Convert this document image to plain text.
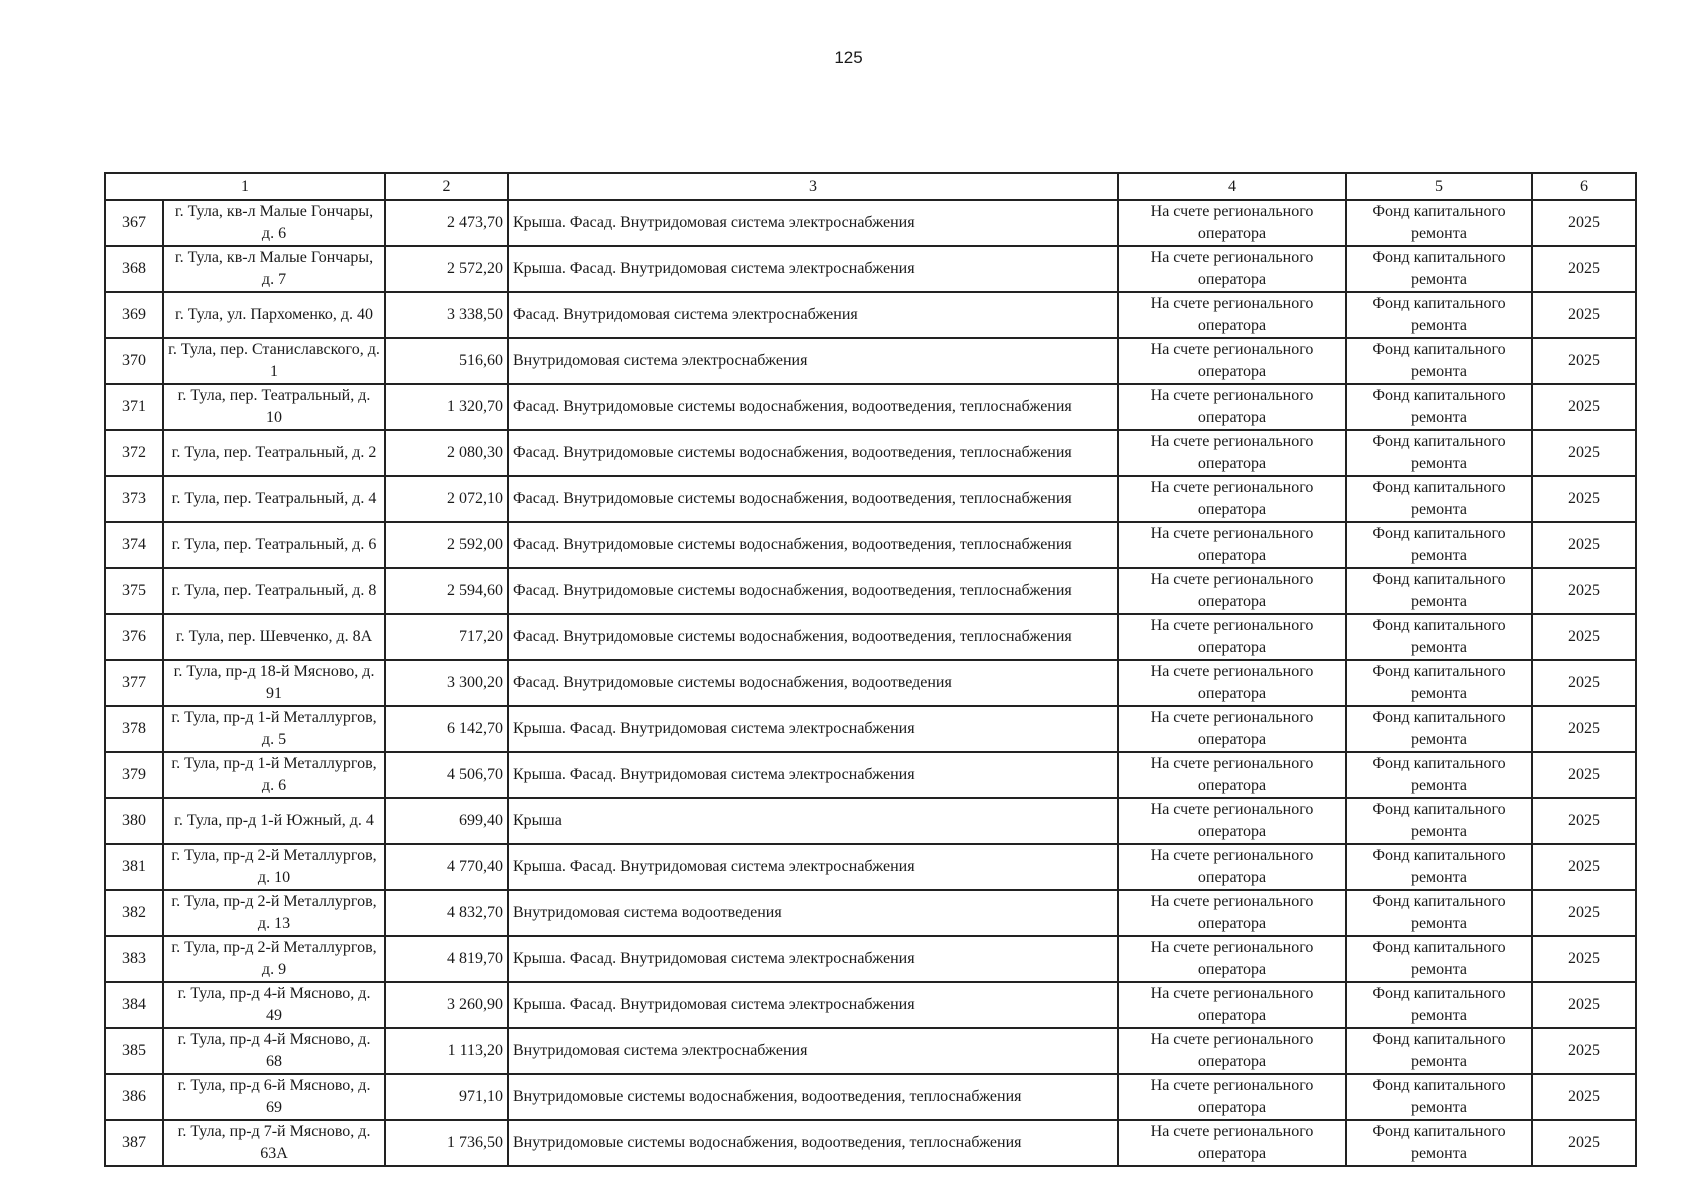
125
1		2	3	4	5	6
367	г. Тула, кв-л Малые Гончары, д. 6	2 473,70	Крыша. Фасад. Внутридомовая система электроснабжения	На счете регионального оператора	Фонд капитального ремонта	2025
368	г. Тула, кв-л Малые Гончары, д. 7	2 572,20	Крыша. Фасад. Внутридомовая система электроснабжения	На счете регионального оператора	Фонд капитального ремонта	2025
369	г. Тула, ул. Пархоменко, д. 40	3 338,50	Фасад. Внутридомовая система электроснабжения	На счете регионального оператора	Фонд капитального ремонта	2025
370	г. Тула, пер. Станиславского, д. 1	516,60	Внутридомовая система электроснабжения	На счете регионального оператора	Фонд капитального ремонта	2025
371	г. Тула, пер. Театральный, д. 10	1 320,70	Фасад. Внутридомовые системы водоснабжения, водоотведения, теплоснабжения	На счете регионального оператора	Фонд капитального ремонта	2025
372	г. Тула, пер. Театральный, д. 2	2 080,30	Фасад. Внутридомовые системы водоснабжения, водоотведения, теплоснабжения	На счете регионального оператора	Фонд капитального ремонта	2025
373	г. Тула, пер. Театральный, д. 4	2 072,10	Фасад. Внутридомовые системы водоснабжения, водоотведения, теплоснабжения	На счете регионального оператора	Фонд капитального ремонта	2025
374	г. Тула, пер. Театральный, д. 6	2 592,00	Фасад. Внутридомовые системы водоснабжения, водоотведения, теплоснабжения	На счете регионального оператора	Фонд капитального ремонта	2025
375	г. Тула, пер. Театральный, д. 8	2 594,60	Фасад. Внутридомовые системы водоснабжения, водоотведения, теплоснабжения	На счете регионального оператора	Фонд капитального ремонта	2025
376	г. Тула, пер. Шевченко, д. 8А	717,20	Фасад. Внутридомовые системы водоснабжения, водоотведения, теплоснабжения	На счете регионального оператора	Фонд капитального ремонта	2025
377	г. Тула, пр-д 18-й Мясново, д. 91	3 300,20	Фасад. Внутридомовые системы водоснабжения, водоотведения	На счете регионального оператора	Фонд капитального ремонта	2025
378	г. Тула, пр-д 1-й Металлургов, д. 5	6 142,70	Крыша. Фасад. Внутридомовая система электроснабжения	На счете регионального оператора	Фонд капитального ремонта	2025
379	г. Тула, пр-д 1-й Металлургов, д. 6	4 506,70	Крыша. Фасад. Внутридомовая система электроснабжения	На счете регионального оператора	Фонд капитального ремонта	2025
380	г. Тула, пр-д 1-й Южный, д. 4	699,40	Крыша	На счете регионального оператора	Фонд капитального ремонта	2025
381	г. Тула, пр-д 2-й Металлургов, д. 10	4 770,40	Крыша. Фасад. Внутридомовая система электроснабжения	На счете регионального оператора	Фонд капитального ремонта	2025
382	г. Тула, пр-д 2-й Металлургов, д. 13	4 832,70	Внутридомовая система водоотведения	На счете регионального оператора	Фонд капитального ремонта	2025
383	г. Тула, пр-д 2-й Металлургов, д. 9	4 819,70	Крыша. Фасад. Внутридомовая система электроснабжения	На счете регионального оператора	Фонд капитального ремонта	2025
384	г. Тула, пр-д 4-й Мясново, д. 49	3 260,90	Крыша. Фасад. Внутридомовая система электроснабжения	На счете регионального оператора	Фонд капитального ремонта	2025
385	г. Тула, пр-д 4-й Мясново, д. 68	1 113,20	Внутридомовая система электроснабжения	На счете регионального оператора	Фонд капитального ремонта	2025
386	г. Тула, пр-д 6-й Мясново, д. 69	971,10	Внутридомовые системы водоснабжения, водоотведения, теплоснабжения	На счете регионального оператора	Фонд капитального ремонта	2025
387	г. Тула, пр-д 7-й Мясново, д. 63А	1 736,50	Внутридомовые системы водоснабжения, водоотведения, теплоснабжения	На счете регионального оператора	Фонд капитального ремонта	2025
